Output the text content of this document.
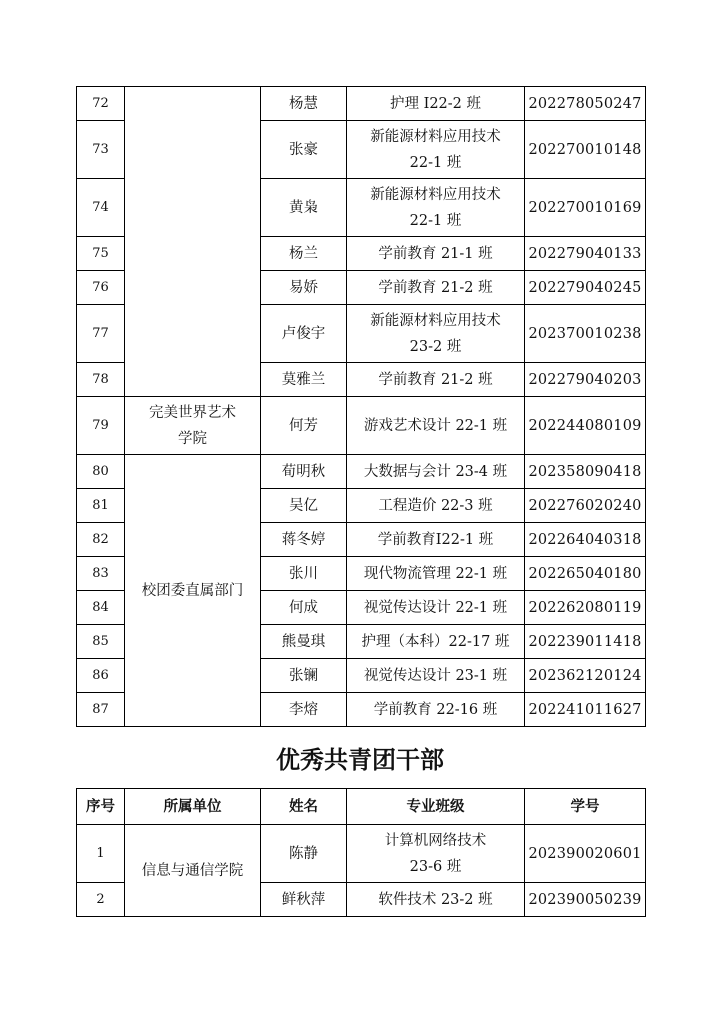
72		杨慧	护理 I22-2 班	202278050247
73		张豪	新能源材料应用技术
22-1 班	202270010148
74		黄枭	新能源材料应用技术
22-1 班	202270010169
75		杨兰	学前教育 21-1 班	202279040133
76		易娇	学前教育 21-2 班	202279040245
77		卢俊宇	新能源材料应用技术
23-2 班	202370010238
78		莫雅兰	学前教育 21-2 班	202279040203
79	完美世界艺术
学院	何芳	游戏艺术设计 22-1 班	202244080109
80	校团委直属部门	荀明秋	大数据与会计 23-4 班	202358090418
81		吴亿	工程造价 22-3 班	202276020240
82		蒋冬婷	学前教育Ⅰ22-1 班	202264040318
83		张川	现代物流管理 22-1 班	202265040180
84		何成	视觉传达设计 22-1 班	202262080119
85		熊曼琪	护理（本科）22-17 班	202239011418
86		张镧	视觉传达设计 23-1 班	202362120124
87		李熔	学前教育 22-16 班	202241011627
优秀共青团干部
序号	所属单位	姓名	专业班级	学号
1	信息与通信学院	陈静	计算机网络技术
23-6 班	202390020601
2		鲜秋萍	软件技术 23-2 班	202390050239
